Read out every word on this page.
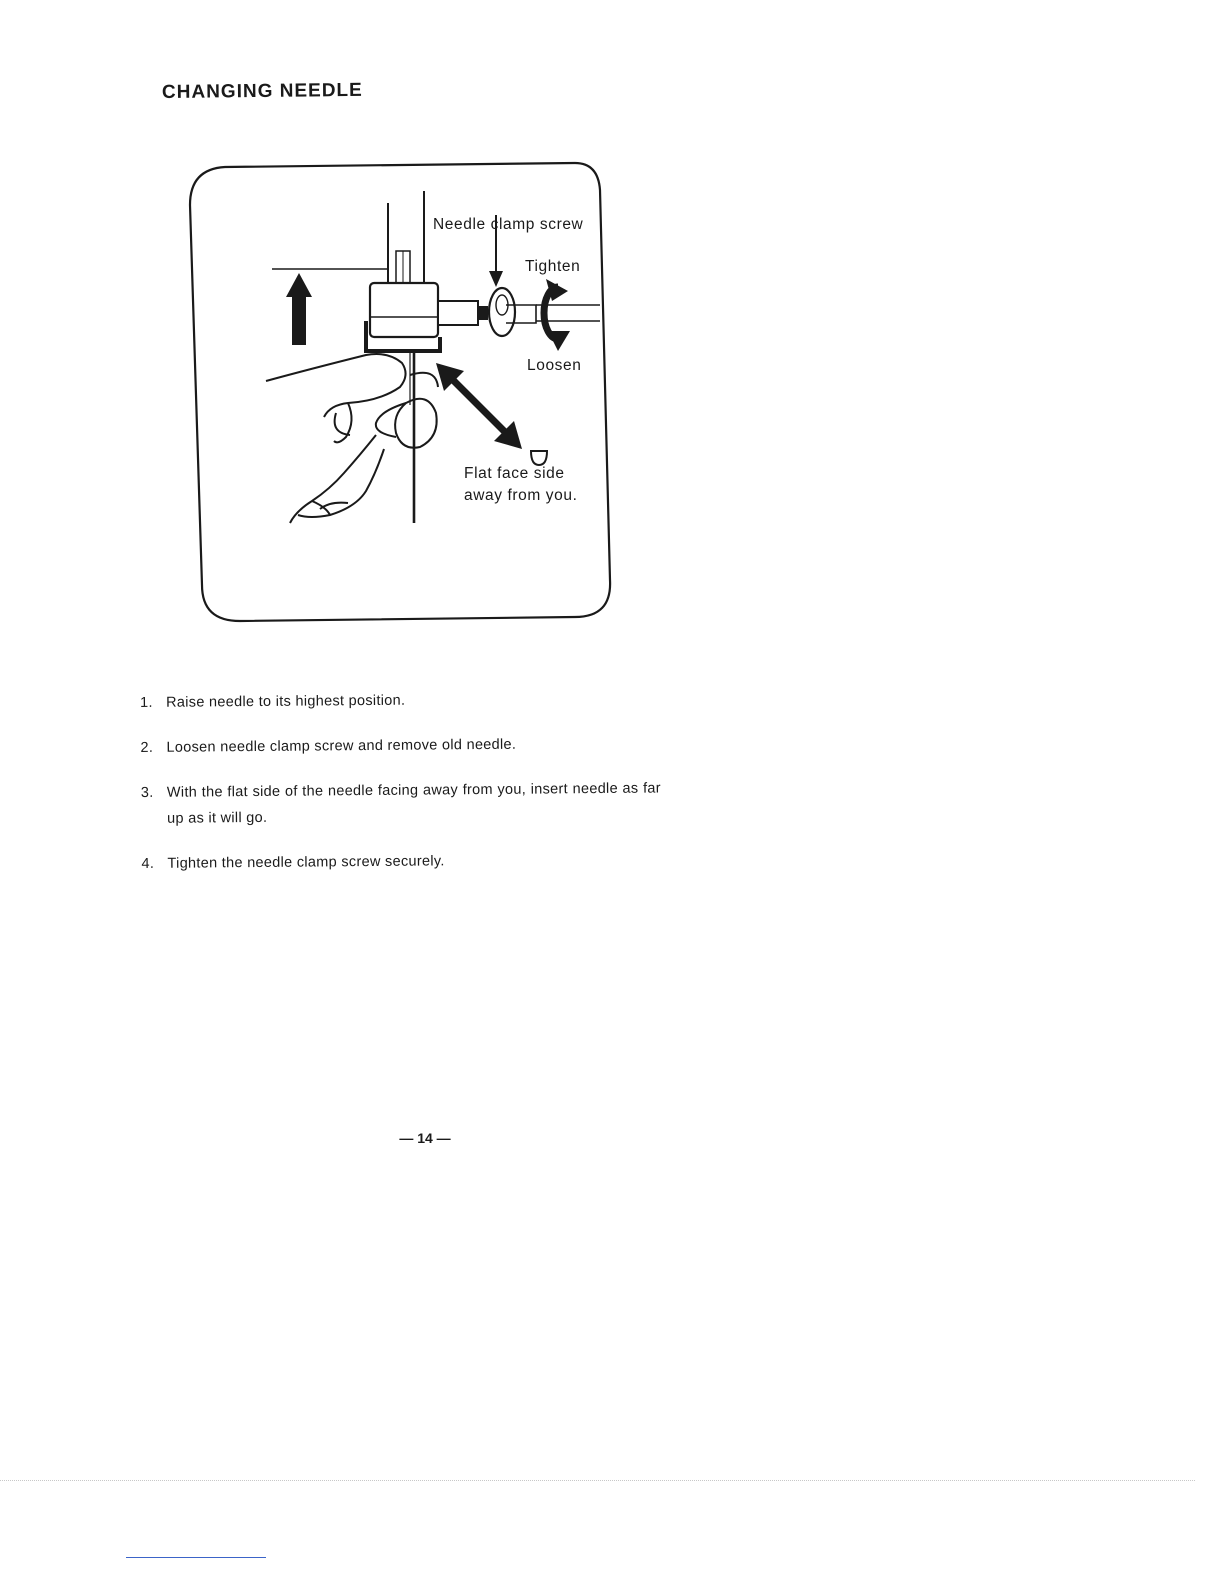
CHANGING NEEDLE
Needle clamp screw
Tighten
Loosen
Flat face side
away from you.
1. Raise needle to its highest position.
2. Loosen needle clamp screw and remove old needle.
3. With the flat side of the needle facing away from you, insert needle as far up as it will go.
4. Tighten the needle clamp screw securely.
— 14 —
